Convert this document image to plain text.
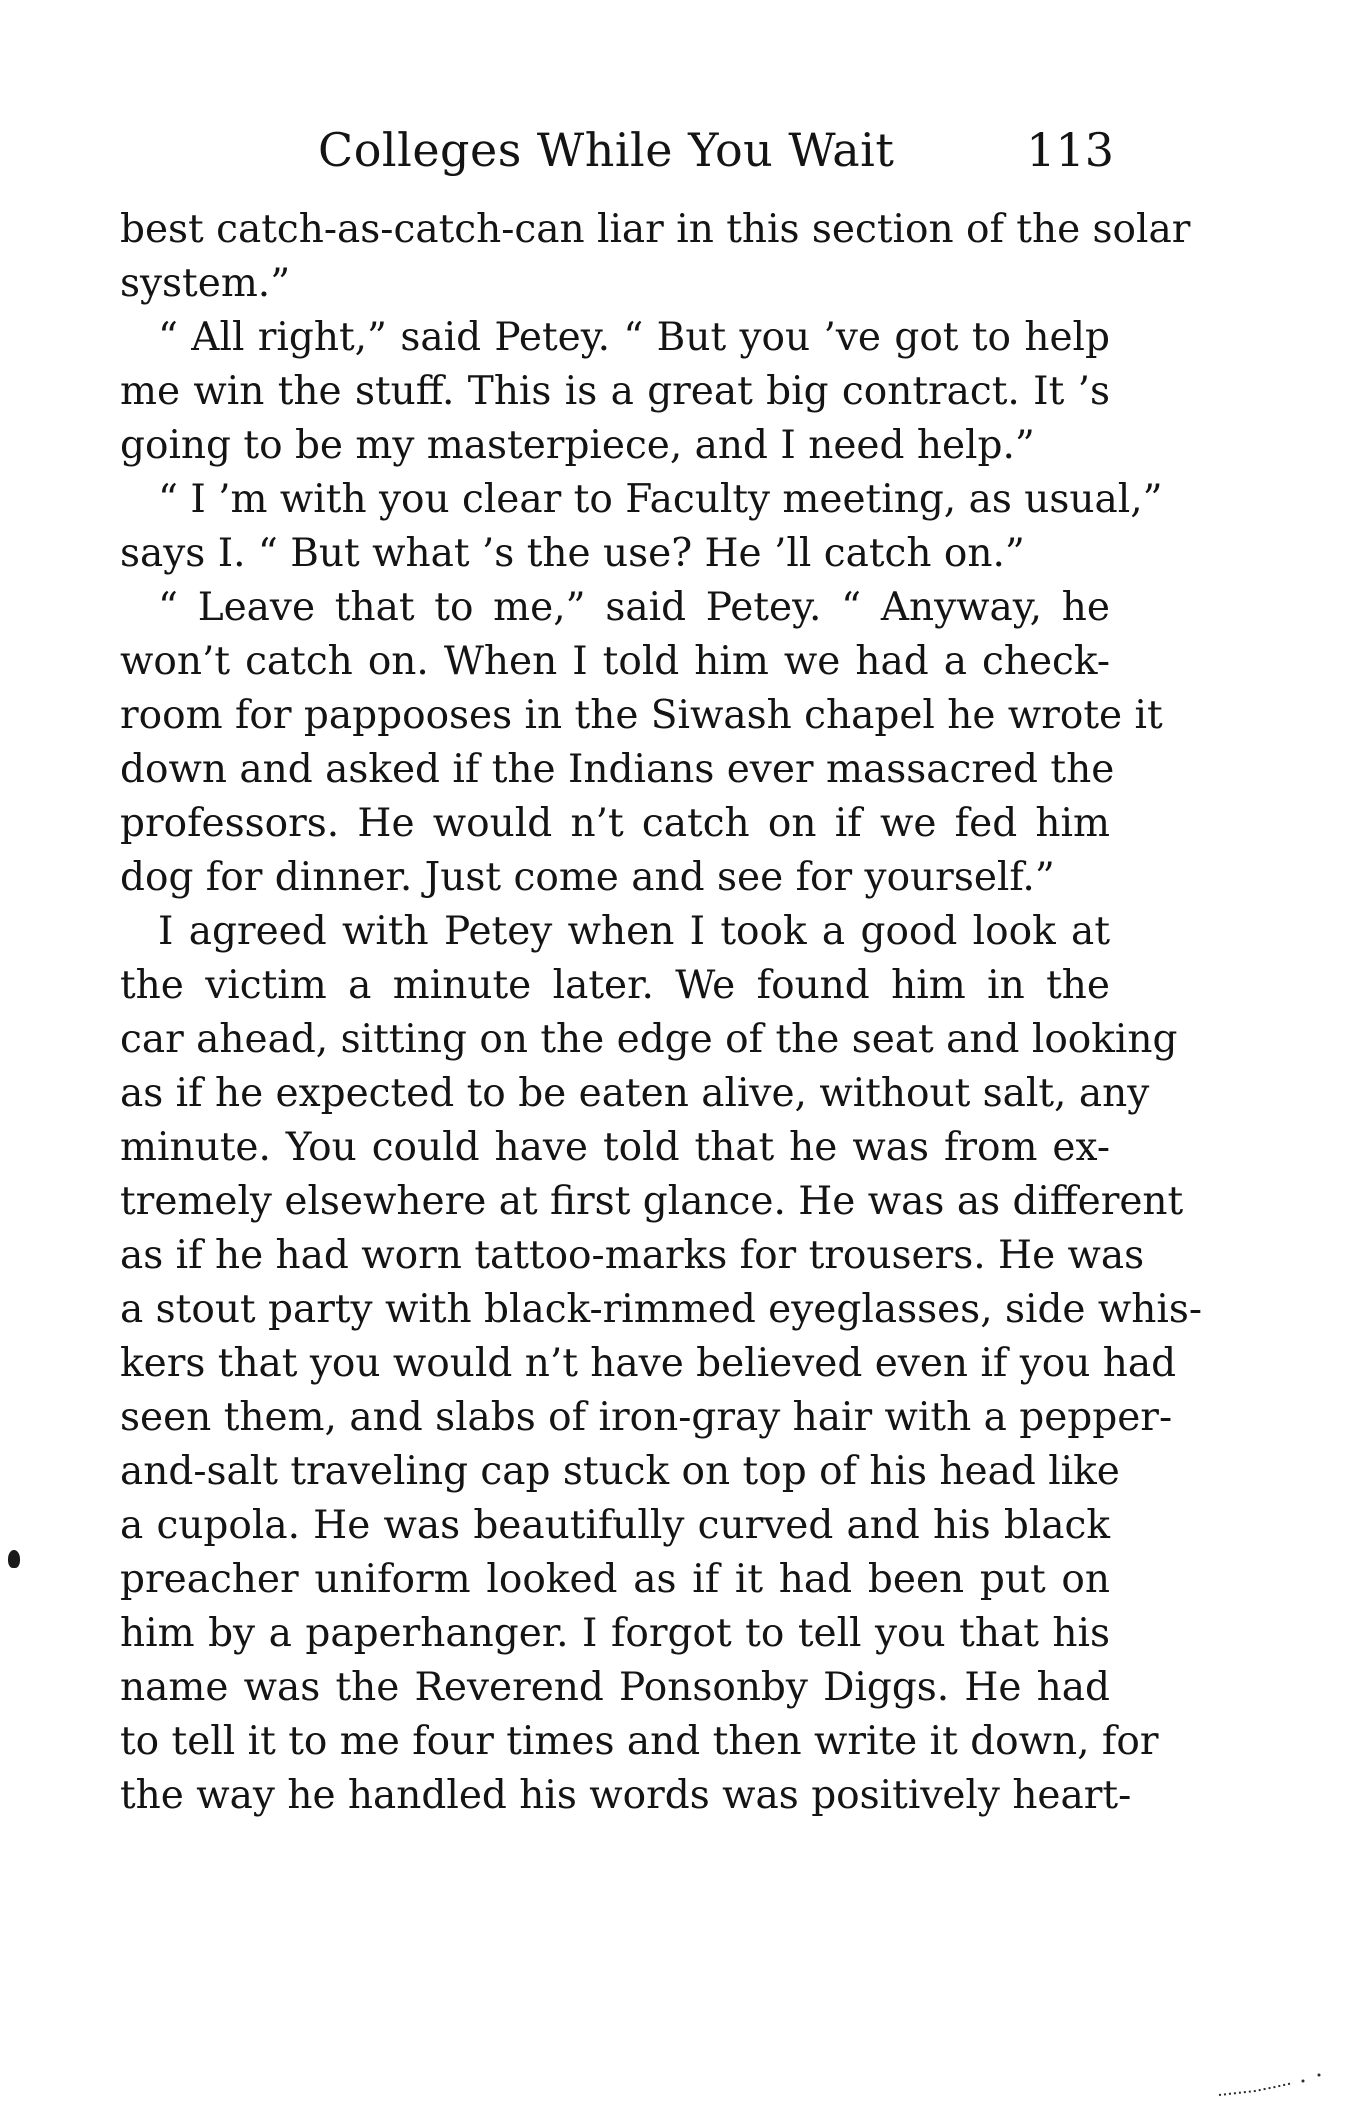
Colleges While You Wait	113
best catch-as-catch-can liar in this section of the solar
system.”
“ All right,” said Petey. “ But you ’ve got to help
me win the stuff. This is a great big contract. It ’s
going to be my masterpiece, and I need help.”
“ I ’m with you clear to Faculty meeting, as usual,”
says I. “ But what ’s the use? He ’ll catch on.”
“ Leave that to me,” said Petey. “ Anyway, he
won’t catch on. When I told him we had a check-
room for pappooses in the Siwash chapel he wrote it
down and asked if the Indians ever massacred the
professors. He would n’t catch on if we fed him
dog for dinner. Just come and see for yourself.”
I agreed with Petey when I took a good look at
the victim a minute later. We found him in the
car ahead, sitting on the edge of the seat and looking
as if he expected to be eaten alive, without salt, any
minute. You could have told that he was from ex-
tremely elsewhere at first glance. He was as different
as if he had worn tattoo-marks for trousers. He was
a stout party with black-rimmed eyeglasses, side whis-
kers that you would n’t have believed even if you had
seen them, and slabs of iron-gray hair with a pepper-
and-salt traveling cap stuck on top of his head like
a cupola. He was beautifully curved and his black
preacher uniform looked as if it had been put on
him by a paperhanger. I forgot to tell you that his
name was the Reverend Ponsonby Diggs. He had
to tell it to me four times and then write it down, for
the way he handled his words was positively heart-
